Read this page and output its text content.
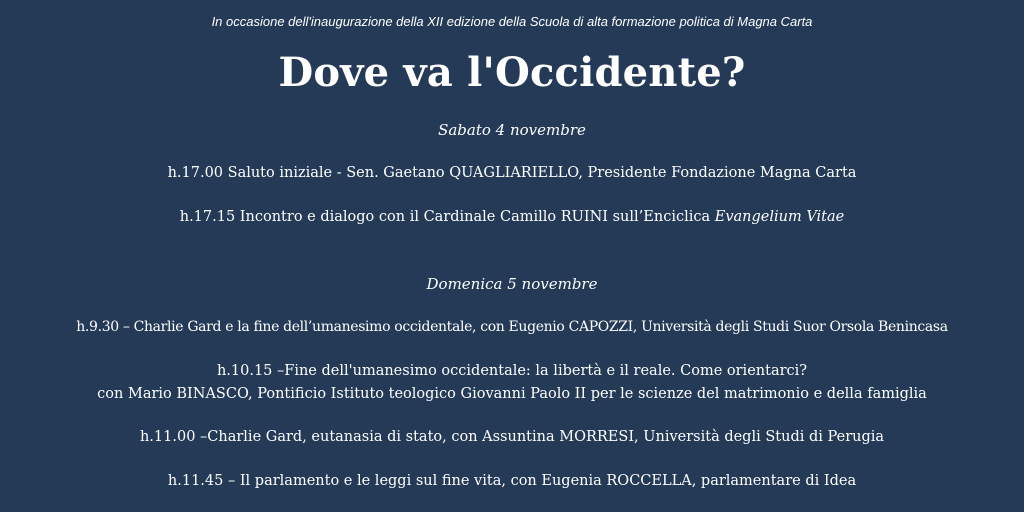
In occasione dell'inaugurazione della XII edizione della Scuola di alta formazione politica di Magna Carta
Dove va l'Occidente?
Sabato 4 novembre
h.17.00 Saluto iniziale - Sen. Gaetano QUAGLIARIELLO, Presidente Fondazione Magna Carta
h.17.15 Incontro e dialogo con il Cardinale Camillo RUINI sull’Enciclica Evangelium Vitae
Domenica 5 novembre
h.9.30 – Charlie Gard e la fine dell’umanesimo occidentale, con Eugenio CAPOZZI, Università degli Studi Suor Orsola Benincasa
h.10.15 –Fine dell'umanesimo occidentale: la libertà e il reale. Come orientarci?
con Mario BINASCO, Pontificio Istituto teologico Giovanni Paolo II per le scienze del matrimonio e della famiglia
h.11.00 –Charlie Gard, eutanasia di stato, con Assuntina MORRESI, Università degli Studi di Perugia
h.11.45 – Il parlamento e le leggi sul fine vita, con Eugenia ROCCELLA, parlamentare di Idea
